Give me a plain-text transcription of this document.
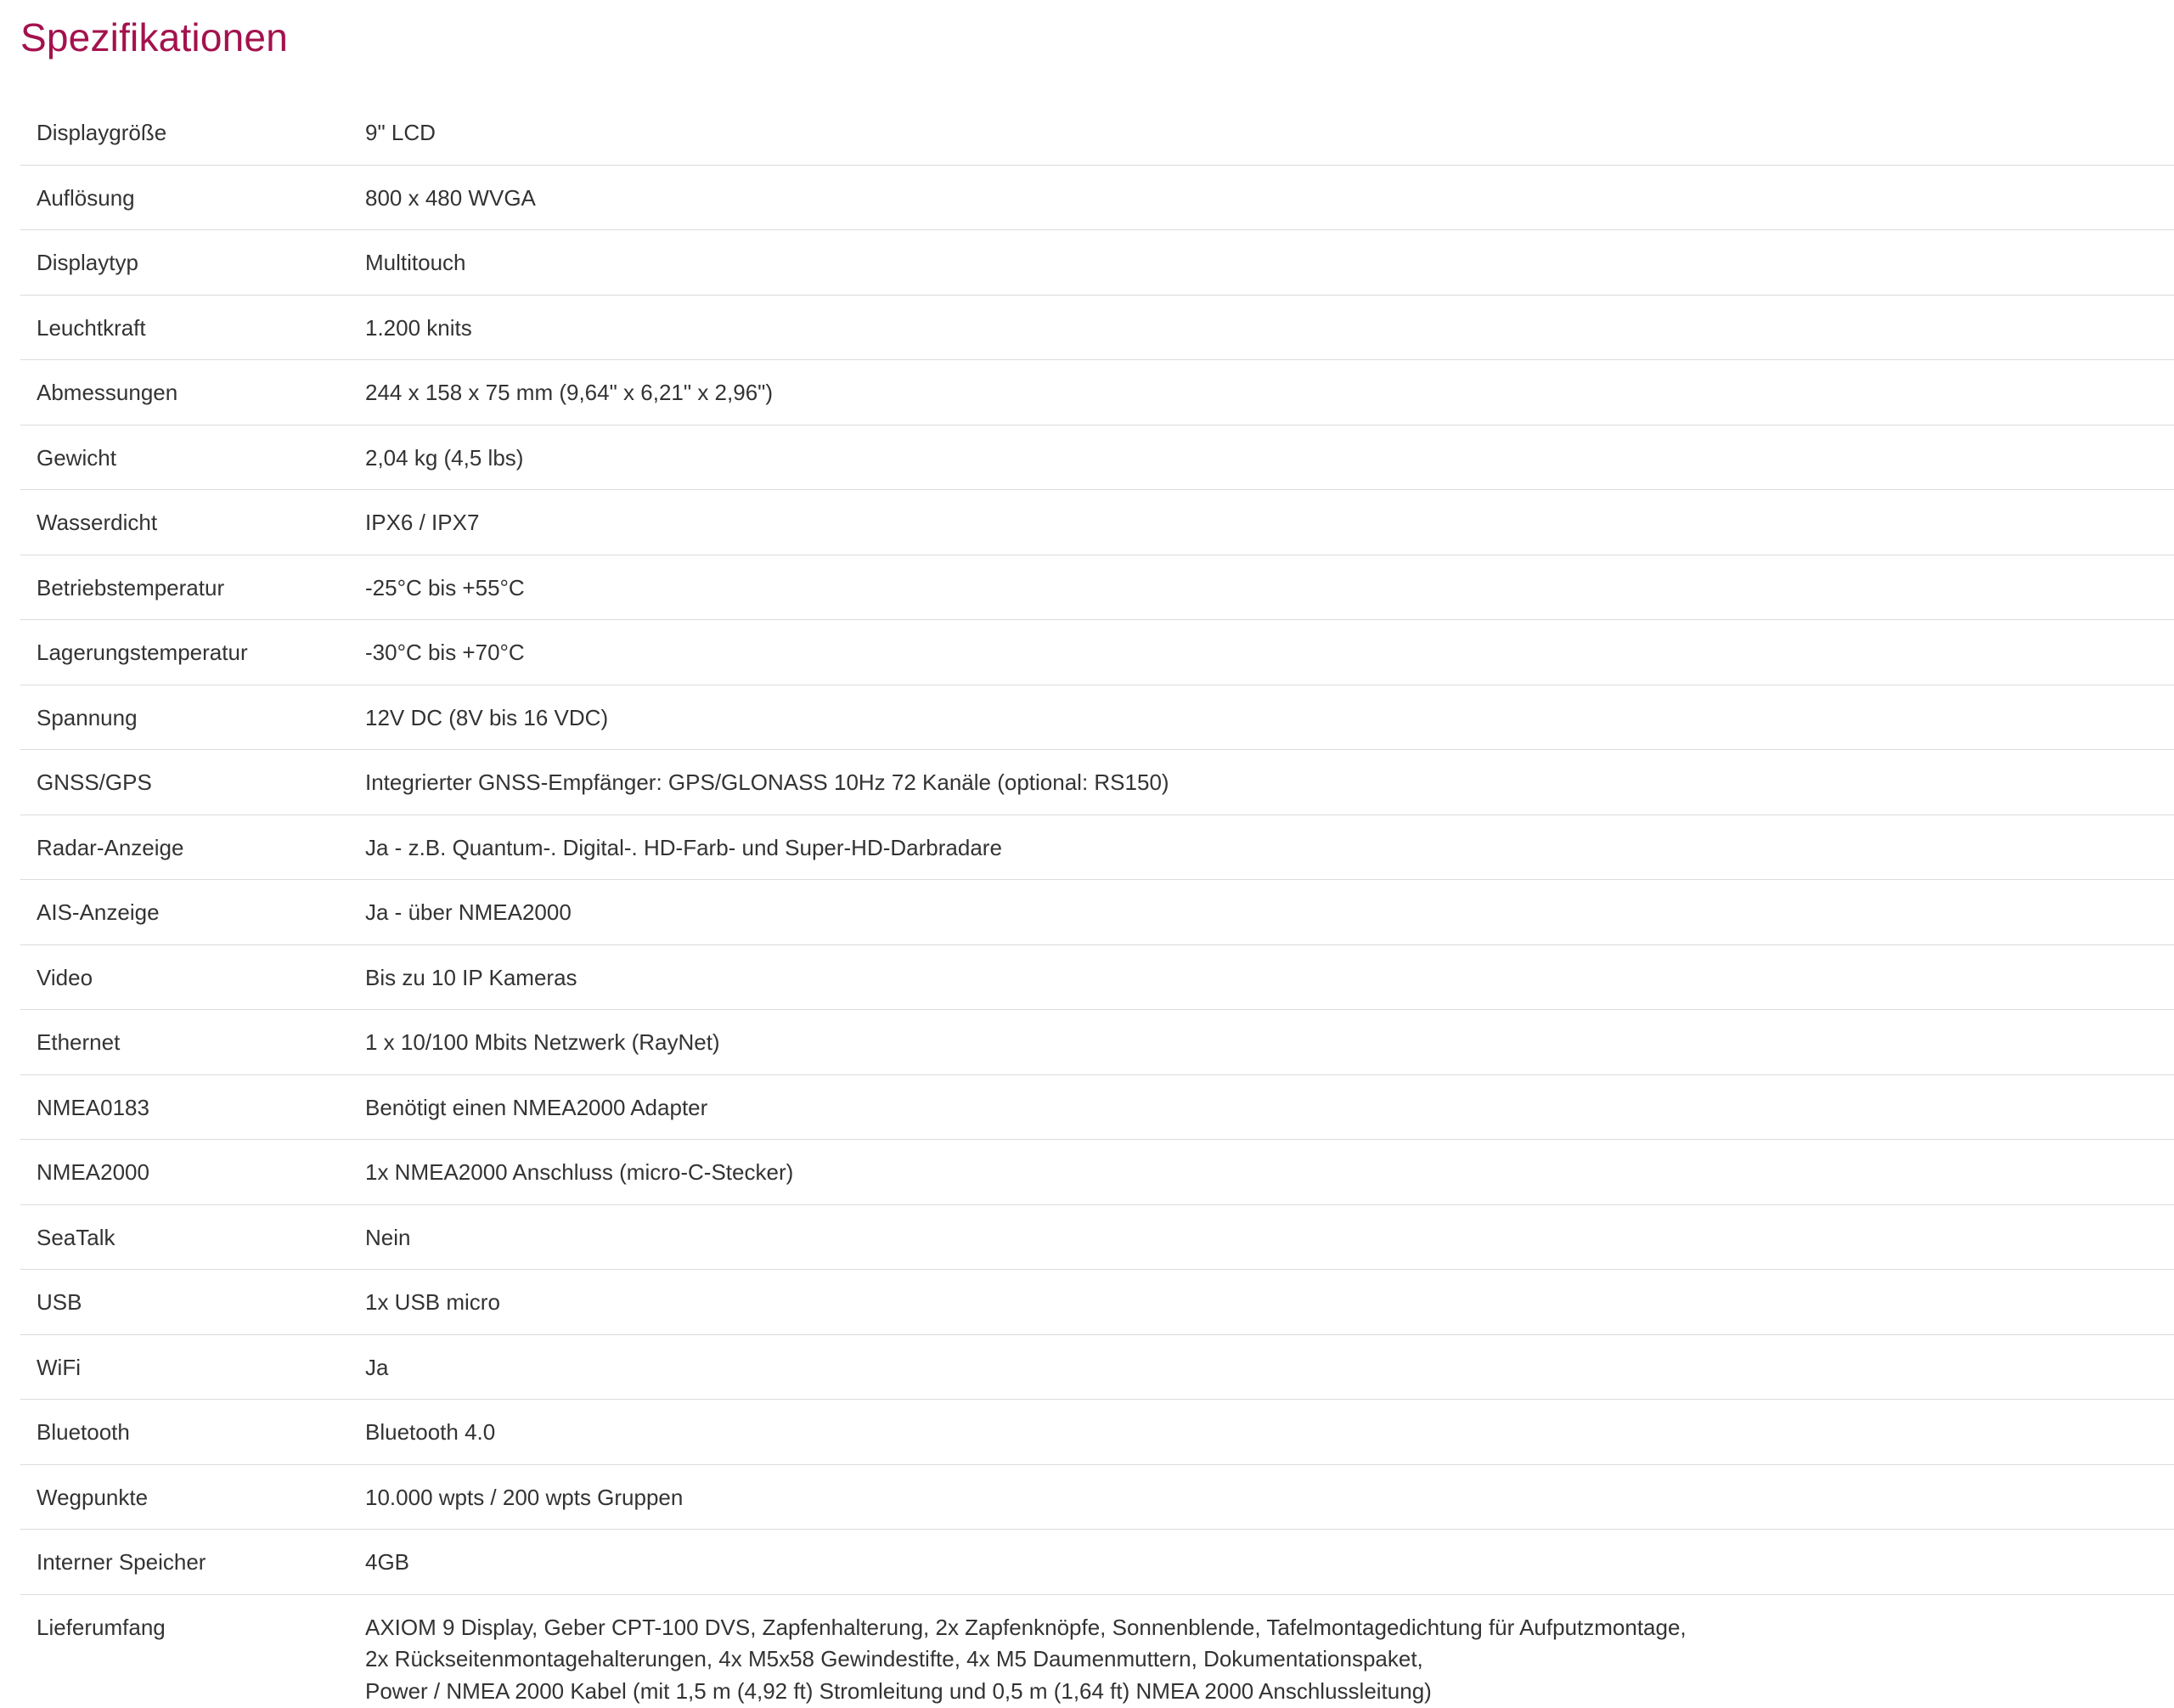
Spezifikationen
Displaygröße	9" LCD
Auflösung	800 x 480 WVGA
Displaytyp	Multitouch
Leuchtkraft	1.200 knits
Abmessungen	244 x 158 x 75 mm (9,64" x 6,21" x 2,96")
Gewicht	2,04 kg (4,5 lbs)
Wasserdicht	IPX6 / IPX7
Betriebstemperatur	-25°C bis +55°C
Lagerungstemperatur	-30°C bis +70°C
Spannung	12V DC (8V bis 16 VDC)
GNSS/GPS	Integrierter GNSS-Empfänger: GPS/GLONASS 10Hz 72 Kanäle (optional: RS150)
Radar-Anzeige	Ja - z.B. Quantum-. Digital-. HD-Farb- und Super-HD-Darbradare
AIS-Anzeige	Ja - über NMEA2000
Video	Bis zu 10 IP Kameras
Ethernet	1 x 10/100 Mbits Netzwerk (RayNet)
NMEA0183	Benötigt einen NMEA2000 Adapter
NMEA2000	1x NMEA2000 Anschluss (micro-C-Stecker)
SeaTalk	Nein
USB	1x USB micro
WiFi	Ja
Bluetooth	Bluetooth 4.0
Wegpunkte	10.000 wpts / 200 wpts Gruppen
Interner Speicher	4GB
Lieferumfang	AXIOM 9 Display, Geber CPT-100 DVS, Zapfenhalterung, 2x Zapfenknöpfe, Sonnenblende, Tafelmontagedichtung für Aufputzmontage,
2x Rückseitenmontagehalterungen, 4x M5x58 Gewindestifte, 4x M5 Daumenmuttern, Dokumentationspaket,
Power / NMEA 2000 Kabel (mit 1,5 m (4,92 ft) Stromleitung und 0,5 m (1,64 ft) NMEA 2000 Anschlussleitung)
